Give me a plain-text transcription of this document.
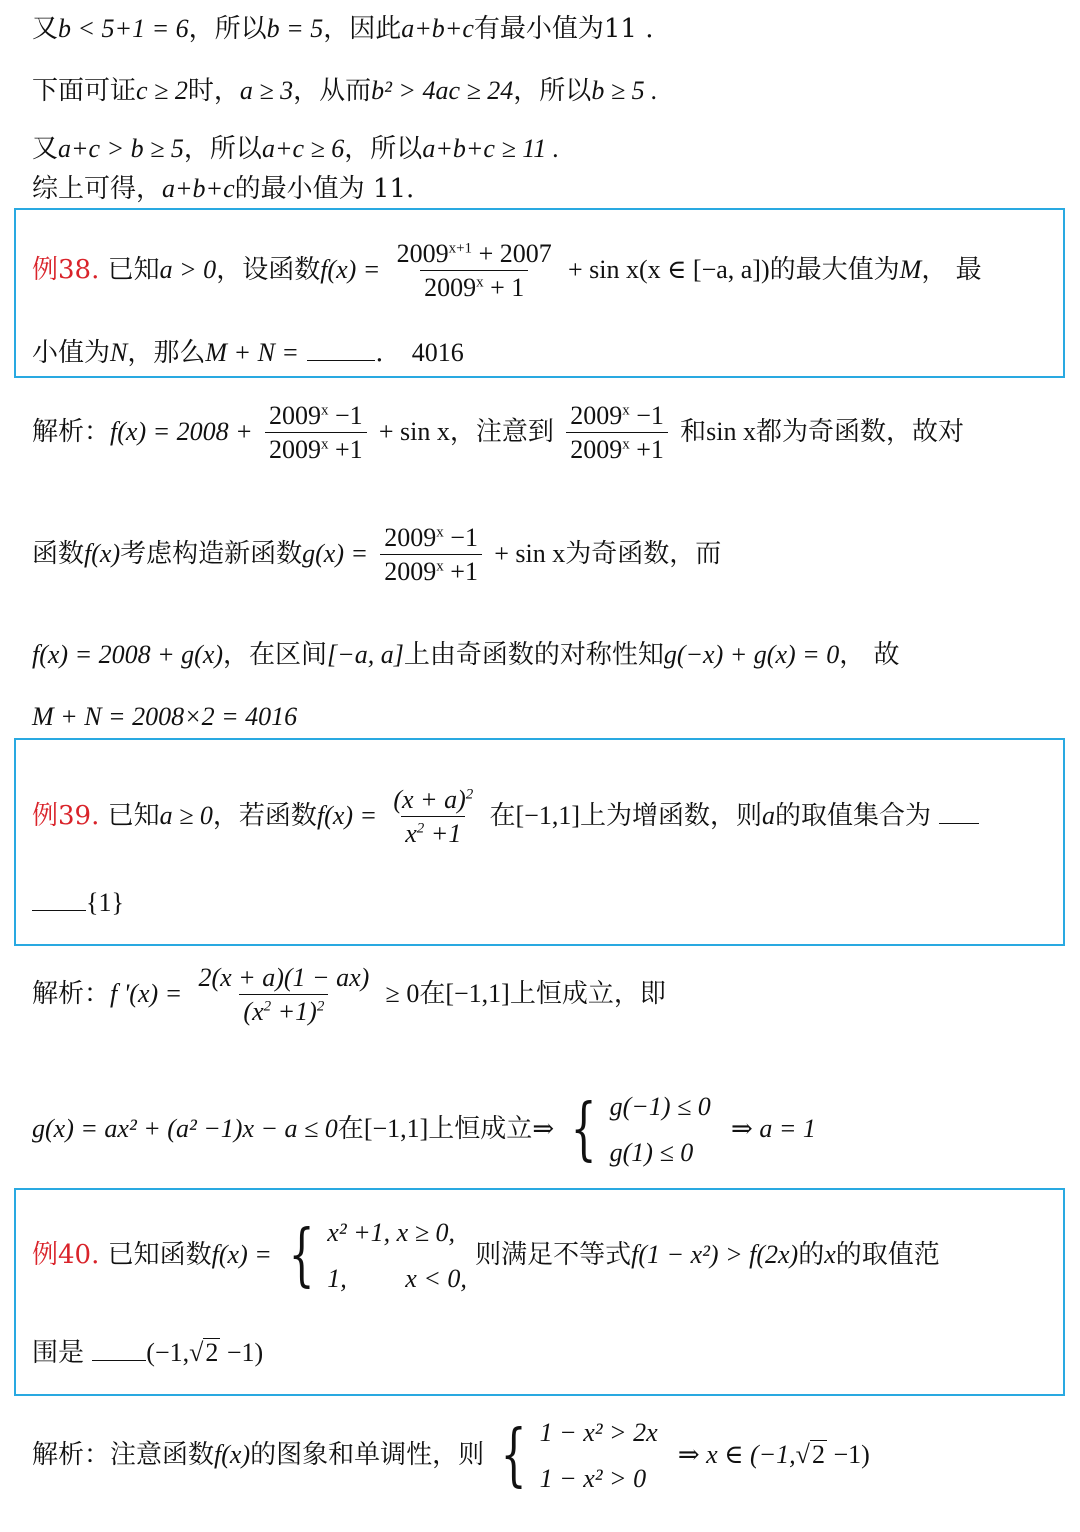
又b < 5+1 = 6，所以b = 5，因此a+b+c有最小值为11 .
下面可证c ≥ 2时，a ≥ 3，从而b² > 4ac ≥ 24，所以b ≥ 5 .
又a+c > b ≥ 5，所以a+c ≥ 6，所以a+b+c ≥ 11 .
综上可得，a+b+c的最小值为 11.
例38. 已知a > 0，设函数$f(x) = \frac{2009^{x+1} + 2007}{2009^x + 1} + \sin x(x$ ∈ [−a, a])的最大值为M， 最
小值为N，那么M + N =	. 4016
解析：$f(x) = 2008 + \frac{2009^x -1}{2009^x +1} + \sin x$，注意到 $\frac{2009^x -1}{2009^x +1}$ 和sin x都为奇函数，故对
函数f(x)考虑构造新函数$g(x) = \frac{2009^x -1}{2009^x +1} + \sin x$为奇函数，而
f(x) = 2008 + g(x)，在区间[−a, a]上由奇函数的对称性知g(−x) + g(x) = 0， 故
M + N = 2008×2 = 4016
例39. 已知a ≥ 0，若函数$f(x) = \frac{(x + a)^2}{x^2 +1}$ 在[−1,1]上为增函数，则a的取值集合为
{1}
解析：f '$(x) = \frac{2(x + a)(1 - ax)}{(x^2 +1)^2} \ge 0$在[−1,1]上恒成立，即
g(x) = ax² + (a² −1)x − a ≤ 0在[−1,1]上恒成立⇒ { g(−1) ≤ 0
g(1) ≤ 0
⇒ a = 1
例40. 已知函数f(x) = { x² +1, x ≥ 0,
1,         x < 0,
则满足不等式f(1 − x²) > f(2x)的x的取值范
围是 (−1,√2 −1)
解析：注意函数f(x)的图象和单调性，则 { 1 − x² > 2x
1 − x² > 0
⇒ x ∈ (−1,√2 −1)
